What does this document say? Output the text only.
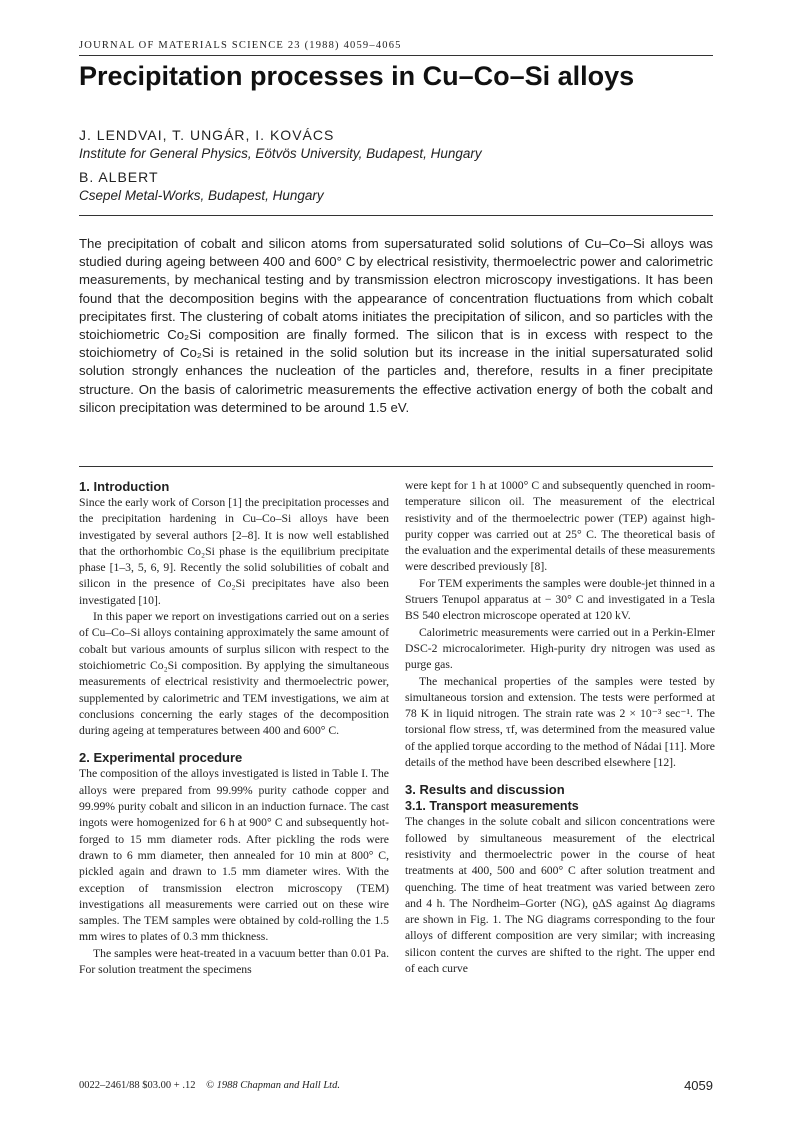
JOURNAL OF MATERIALS SCIENCE 23 (1988) 4059–4065
Precipitation processes in Cu–Co–Si alloys
J. LENDVAI, T. UNGÁR, I. KOVÁCS
Institute for General Physics, Eötvös University, Budapest, Hungary
B. ALBERT
Csepel Metal-Works, Budapest, Hungary

The precipitation of cobalt and silicon atoms from supersaturated solid solutions of Cu–Co–Si alloys was studied during ageing between 400 and 600° C by electrical resistivity, thermoelectric power and calorimetric measurements, by mechanical testing and by transmission electron microscopy investigations. It has been found that the decomposition begins with the appearance of concentration fluctuations from which cobalt precipitates first. The clustering of cobalt atoms initiates the precipitation of silicon, and so particles with the stoichiometric Co₂Si composition are finally formed. The silicon that is in excess with respect to the stoichiometry of Co₂Si is retained in the solid solution but its increase in the initial supersaturated solid solution strongly enhances the nucleation of the particles and, therefore, results in a finer precipitate structure. On the basis of calorimetric measurements the effective activation energy of both the cobalt and silicon precipitation was determined to be around 1.5 eV.

1. Introduction

Since the early work of Corson [1] the precipitation processes and the precipitation hardening in Cu–Co–Si alloys have been investigated by several authors [2–8]. It is now well established that the orthorhombic Co₂Si phase is the equilibrium precipitate phase [1–3, 5, 6, 9]. Recently the solid solubilities of cobalt and silicon in the presence of Co₂Si precipitates have also been investigated [10].

In this paper we report on investigations carried out on a series of Cu–Co–Si alloys containing approximately the same amount of cobalt but various amounts of surplus silicon with respect to the stoichiometric Co₂Si composition. By applying the simultaneous measurements of electrical resistivity and thermoelectric power, supplemented by calorimetric and TEM investigations, we aim at conclusions concerning the early stages of the decomposition during ageing at temperatures between 400 and 600° C.

2. Experimental procedure

The composition of the alloys investigated is listed in Table I. The alloys were prepared from 99.99% purity cathode copper and 99.99% purity cobalt and silicon in an induction furnace. The cast ingots were homogenized for 6 h at 900° C and subsequently hot-forged to 15 mm diameter rods. After pickling the rods were drawn to 6 mm diameter, then annealed for 10 min at 800° C, pickled again and drawn to 1.5 mm diameter wires. With the exception of transmission electron microscopy (TEM) investigations all measurements were carried out on these wire samples. The TEM samples were obtained by cold-rolling the 1.5 mm wires to plates of 0.3 mm thickness.

The samples were heat-treated in a vacuum better than 0.01 Pa. For solution treatment the specimens

were kept for 1 h at 1000° C and subsequently quenched in room-temperature silicon oil. The measurement of the electrical resistivity and of the thermoelectric power (TEP) against high-purity copper was carried out at 25° C. The theoretical basis of the evaluation and the experimental details of these measurements were described previously [8].

For TEM experiments the samples were double-jet thinned in a Struers Tenupol apparatus at − 30° C and investigated in a Tesla BS 540 electron microscope operated at 120 kV.

Calorimetric measurements were carried out in a Perkin-Elmer DSC-2 microcalorimeter. High-purity dry nitrogen was used as purge gas.

The mechanical properties of the samples were tested by simultaneous torsion and extension. The tests were performed at 78 K in liquid nitrogen. The strain rate was 2 × 10⁻³ sec⁻¹. The torsional flow stress, τf, was determined from the measured value of the applied torque according to the method of Nádai [11]. More details of the method have been described elsewhere [12].

3. Results and discussion
3.1. Transport measurements

The changes in the solute cobalt and silicon concentrations were followed by simultaneous measurement of the electrical resistivity and thermoelectric power in the course of heat treatments at 400, 500 and 600° C after solution treatment and quenching. The time of heat treatment was varied between zero and 4 h. The Nordheim–Gorter (NG), ϱΔS against Δϱ diagrams are shown in Fig. 1. The NG diagrams corresponding to the four alloys of different composition are very similar; with increasing silicon content the curves are shifted to the right. The upper end of each curve

0022–2461/88 $03.00 + .12 © 1988 Chapman and Hall Ltd.	4059
